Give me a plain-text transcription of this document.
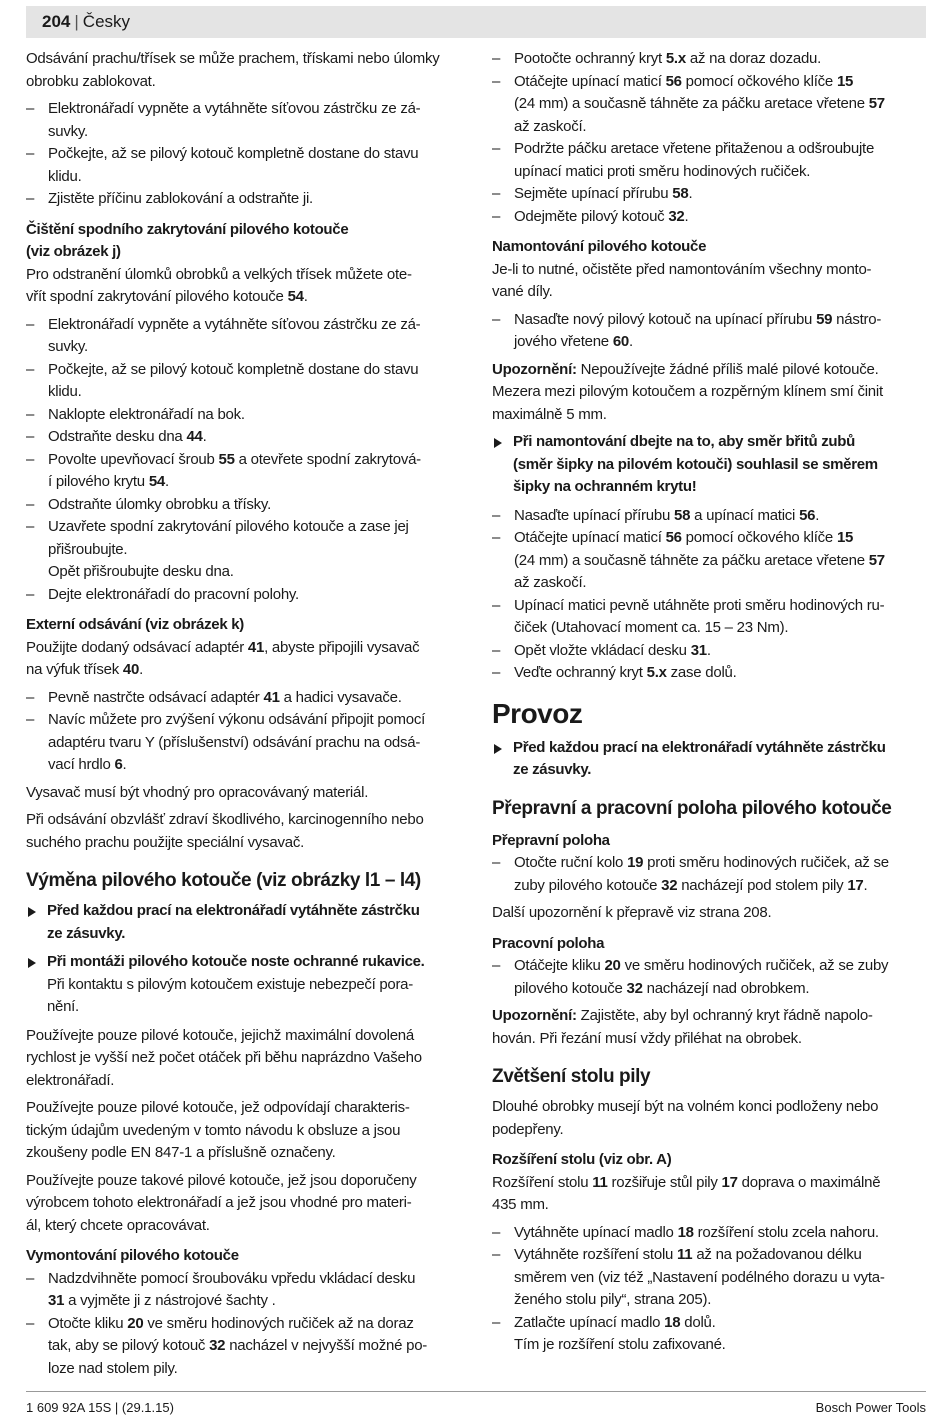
204 | Česky

Odsávání prachu/třísek se může prachem, třískami nebo úlomky obrobku zablokovat.

– Elektronářadí vypněte a vytáhněte síťovou zástrčku ze zá-
suvky.

– Počkejte, až se pilový kotouč kompletně dostane do stavu
klidu.

– Zjistěte příčinu zablokování a odstraňte ji.

Čištění spodního zakrytování pilového kotouče
(viz obrázek j)

Pro odstranění úlomků obrobků a velkých třísek můžete ote-
vřít spodní zakrytování pilového kotouče 54.

– Elektronářadí vypněte a vytáhněte síťovou zástrčku ze zá-
suvky.

– Počkejte, až se pilový kotouč kompletně dostane do stavu
klidu.

– Naklopte elektronářadí na bok.

– Odstraňte desku dna 44.

– Povolte upevňovací šroub 55 a otevřete spodní zakrytová-
í pilového krytu 54.

– Odstraňte úlomky obrobku a třísky.

– Uzavřete spodní zakrytování pilového kotouče a zase jej
přišroubujte.
Opět přišroubujte desku dna.

– Dejte elektronářadí do pracovní polohy.

Externí odsávání (viz obrázek k)

Použijte dodaný odsávací adaptér 41, abyste připojili vysavač
na výfuk třísek 40.

– Pevně nastrčte odsávací adaptér 41 a hadici vysavače.

– Navíc můžete pro zvýšení výkonu odsávání připojit pomocí
adaptéru tvaru Y (příslušenství) odsávání prachu na odsá-
vací hrdlo 6.

Vysavač musí být vhodný pro opracovávaný materiál.

Při odsávání obzvlášť zdraví škodlivého, karcinogenního nebo
suchého prachu použijte speciální vysavač.

Výměna pilového kotouče (viz obrázky l1 – l4)
Před každou prací na elektronářadí vytáhněte zástrčku
ze zásuvky.
Při montáži pilového kotouče noste ochranné rukavice.
Při kontaktu s pilovým kotoučem existuje nebezpečí pora-
nění.

Používejte pouze pilové kotouče, jejichž maximální dovolená
rychlost je vyšší než počet otáček při běhu naprázdno Vašeho
elektronářadí.

Používejte pouze pilové kotouče, jež odpovídají charakteris-
tickým údajům uvedeným v tomto návodu k obsluze a jsou
zkoušeny podle EN 847-1 a příslušně označeny.

Používejte pouze takové pilové kotouče, jež jsou doporučeny
výrobcem tohoto elektronářadí a jež jsou vhodné pro materi-
ál, který chcete opracovávat.

Vymontování pilového kotouče

– Nadzdvihněte pomocí šroubováku vpředu vkládací desku
31 a vyjměte ji z nástrojové šachty .

– Otočte kliku 20 ve směru hodinových ručiček až na doraz
tak, aby se pilový kotouč 32 nacházel v nejvyšší možné po-
loze nad stolem pily.

– Pootočte ochranný kryt 5.x až na doraz dozadu.

– Otáčejte upínací maticí 56 pomocí očkového klíče 15
(24 mm) a současně táhněte za páčku aretace vřetene 57
až zaskočí.

– Podržte páčku aretace vřetene přitaženou a odšroubujte
upínací matici proti směru hodinových ručiček.

– Sejměte upínací přírubu 58.

– Odejměte pilový kotouč 32.

Namontování pilového kotouče

Je-li to nutné, očistěte před namontováním všechny monto-
vané díly.

– Nasaďte nový pilový kotouč na upínací přírubu 59 nástro-
jového vřetene 60.

Upozornění: Nepoužívejte žádné příliš malé pilové kotouče.
Mezera mezi pilovým kotoučem a rozpěrným klínem smí činit
maximálně 5 mm.

Při namontování dbejte na to, aby směr břitů zubů
(směr šipky na pilovém kotouči) souhlasil se směrem
šipky na ochranném krytu!

– Nasaďte upínací přírubu 58 a upínací matici 56.

– Otáčejte upínací maticí 56 pomocí očkového klíče 15
(24 mm) a současně táhněte za páčku aretace vřetene 57
až zaskočí.

– Upínací matici pevně utáhněte proti směru hodinových ru-
čiček (Utahovací moment ca. 15 – 23 Nm).

– Opět vložte vkládací desku 31.

– Veďte ochranný kryt 5.x zase dolů.

Provoz
Před každou prací na elektronářadí vytáhněte zástrčku
ze zásuvky.
Přepravní a pracovní poloha pilového kotouče
Přepravní poloha

– Otočte ruční kolo 19 proti směru hodinových ručiček, až se
zuby pilového kotouče 32 nacházejí pod stolem pily 17.

Další upozornění k přepravě viz strana 208.

Pracovní poloha

– Otáčejte kliku 20 ve směru hodinových ručiček, až se zuby
pilového kotouče 32 nacházejí nad obrobkem.

Upozornění: Zajistěte, aby byl ochranný kryt řádně napolo-
hován. Při řezání musí vždy přiléhat na obrobek.

Zvětšení stolu pily

Dlouhé obrobky musejí být na volném konci podloženy nebo
podepřeny.

Rozšíření stolu (viz obr. A)

Rozšíření stolu 11 rozšiřuje stůl pily 17 doprava o maximálně
435 mm.

– Vytáhněte upínací madlo 18 rozšíření stolu zcela nahoru.

– Vytáhněte rozšíření stolu 11 až na požadovanou délku
směrem ven (viz též „Nastavení podélného dorazu u vyta-
ženého stolu pily“, strana 205).

– Zatlačte upínací madlo 18 dolů.
Tím je rozšíření stolu zafixované.

1 609 92A 15S | (29.1.15)	Bosch Power Tools
